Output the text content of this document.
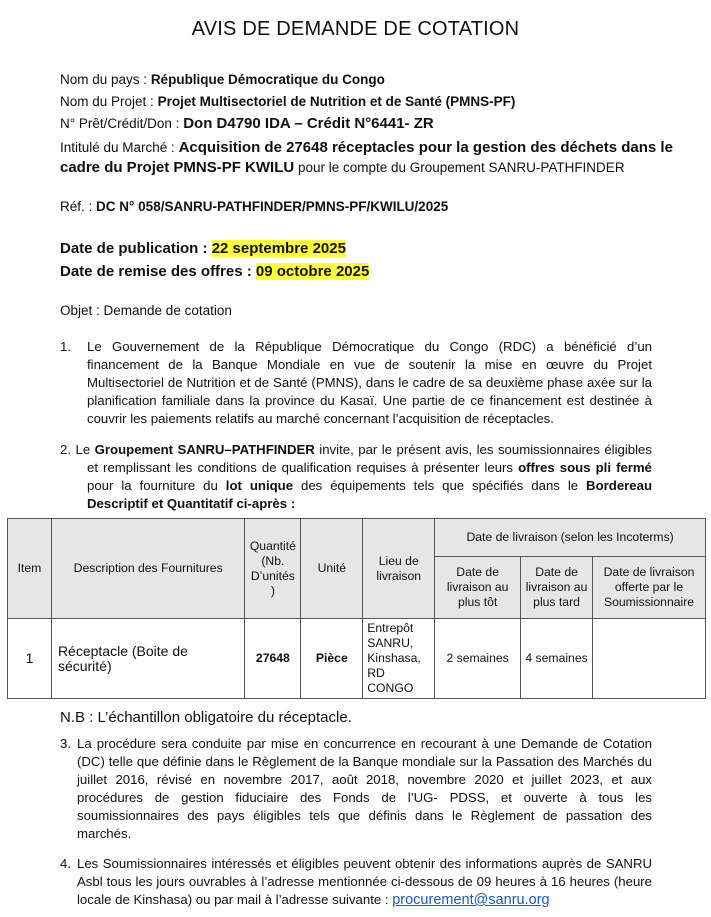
AVIS DE DEMANDE DE COTATION
Nom du pays : République Démocratique du Congo
Nom du Projet : Projet Multisectoriel de Nutrition et de Santé (PMNS-PF)
N° Prêt/Crédit/Don : Don D4790 IDA – Crédit N°6441- ZR
Intitulé du Marché : Acquisition de 27648 réceptacles pour la gestion des déchets dans le
cadre du Projet PMNS-PF KWILU pour le compte du Groupement SANRU-PATHFINDER
Réf. : DC N° 058/SANRU-PATHFINDER/PMNS-PF/KWILU/2025
Date de publication : 22 septembre 2025
Date de remise des offres : 09 octobre 2025
Objet : Demande de cotation
1. Le Gouvernement de la République Démocratique du Congo (RDC) a bénéficié d’un financement de la Banque Mondiale en vue de soutenir la mise en œuvre du Projet Multisectoriel de Nutrition et de Santé (PMNS), dans le cadre de sa deuxième phase axée sur la planification familiale dans la province du Kasaï. Une partie de ce financement est destinée à couvrir les paiements relatifs au marché concernant l’acquisition de réceptacles.
2. Le Groupement SANRU–PATHFINDER invite, par le présent avis, les soumissionnaires éligibles et remplissant les conditions de qualification requises à présenter leurs offres sous pli fermé pour la fourniture du lot unique des équipements tels que spécifiés dans le Bordereau Descriptif et Quantitatif ci-après :
Item	Description des Fournitures	Quantité (Nb. D’unités )	Unité	Lieu de livraison	Date de livraison (selon les Incoterms)		
					Date de livraison au plus tôt	Date de livraison au plus tard	Date de livraison offerte par le Soumissionnaire
1	Réceptacle (Boite de sécurité)	27648	Pièce	Entrepôt SANRU, Kinshasa, RD CONGO	2 semaines	4 semaines	
N.B : L’échantillon obligatoire du réceptacle.
3. La procédure sera conduite par mise en concurrence en recourant à une Demande de Cotation (DC) telle que définie dans le Règlement de la Banque mondiale sur la Passation des Marchés du juillet 2016, révisé en novembre 2017, août 2018, novembre 2020 et juillet 2023, et aux procédures de gestion fiduciaire des Fonds de l’UG- PDSS, et ouverte à tous les soumissionnaires des pays éligibles tels que définis dans le Règlement de passation des marchés.
4. Les Soumissionnaires intéressés et éligibles peuvent obtenir des informations auprès de SANRU Asbl tous les jours ouvrables à l’adresse mentionnée ci-dessous de 09 heures à 16 heures (heure locale de Kinshasa) ou par mail à l’adresse suivante : procurement@sanru.org
